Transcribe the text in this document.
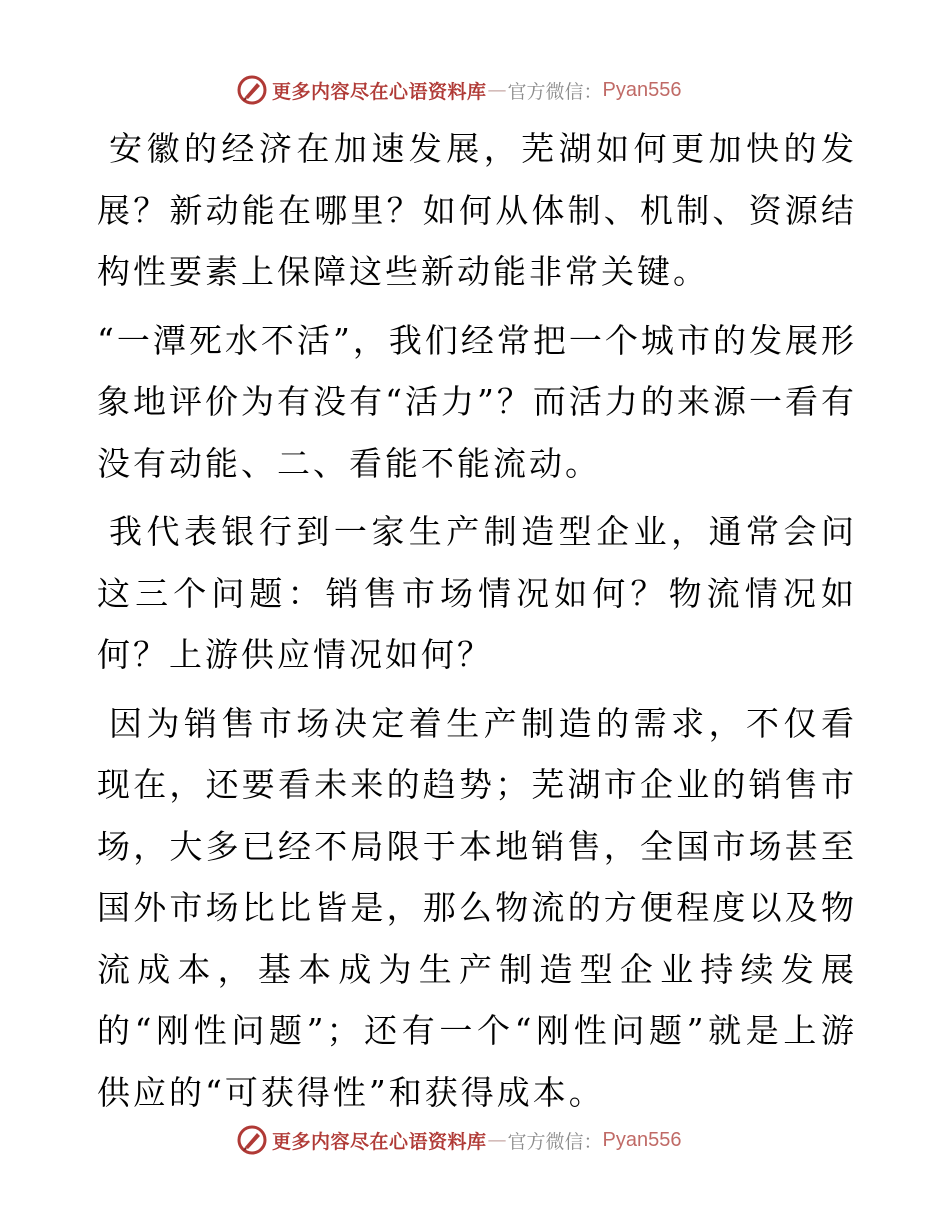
更多内容尽在心语资料库 — 官方微信： Pyan556

安徽的经济在加速发展，芜湖如何更加快的发展？新动能在哪里？如何从体制、机制、资源结构性要素上保障这些新动能非常关键。

“一潭死水不活”，我们经常把一个城市的发展形象地评价为有没有“活力”？而活力的来源一看有没有动能、二、看能不能流动。

我代表银行到一家生产制造型企业，通常会问这三个问题：销售市场情况如何？物流情况如何？上游供应情况如何？

因为销售市场决定着生产制造的需求，不仅看现在，还要看未来的趋势；芜湖市企业的销售市场，大多已经不局限于本地销售，全国市场甚至国外市场比比皆是，那么物流的方便程度以及物流成本，基本成为生产制造型企业持续发展的“刚性问题”；还有一个“刚性问题”就是上游供应的“可获得性”和获得成本。

更多内容尽在心语资料库 — 官方微信： Pyan556
